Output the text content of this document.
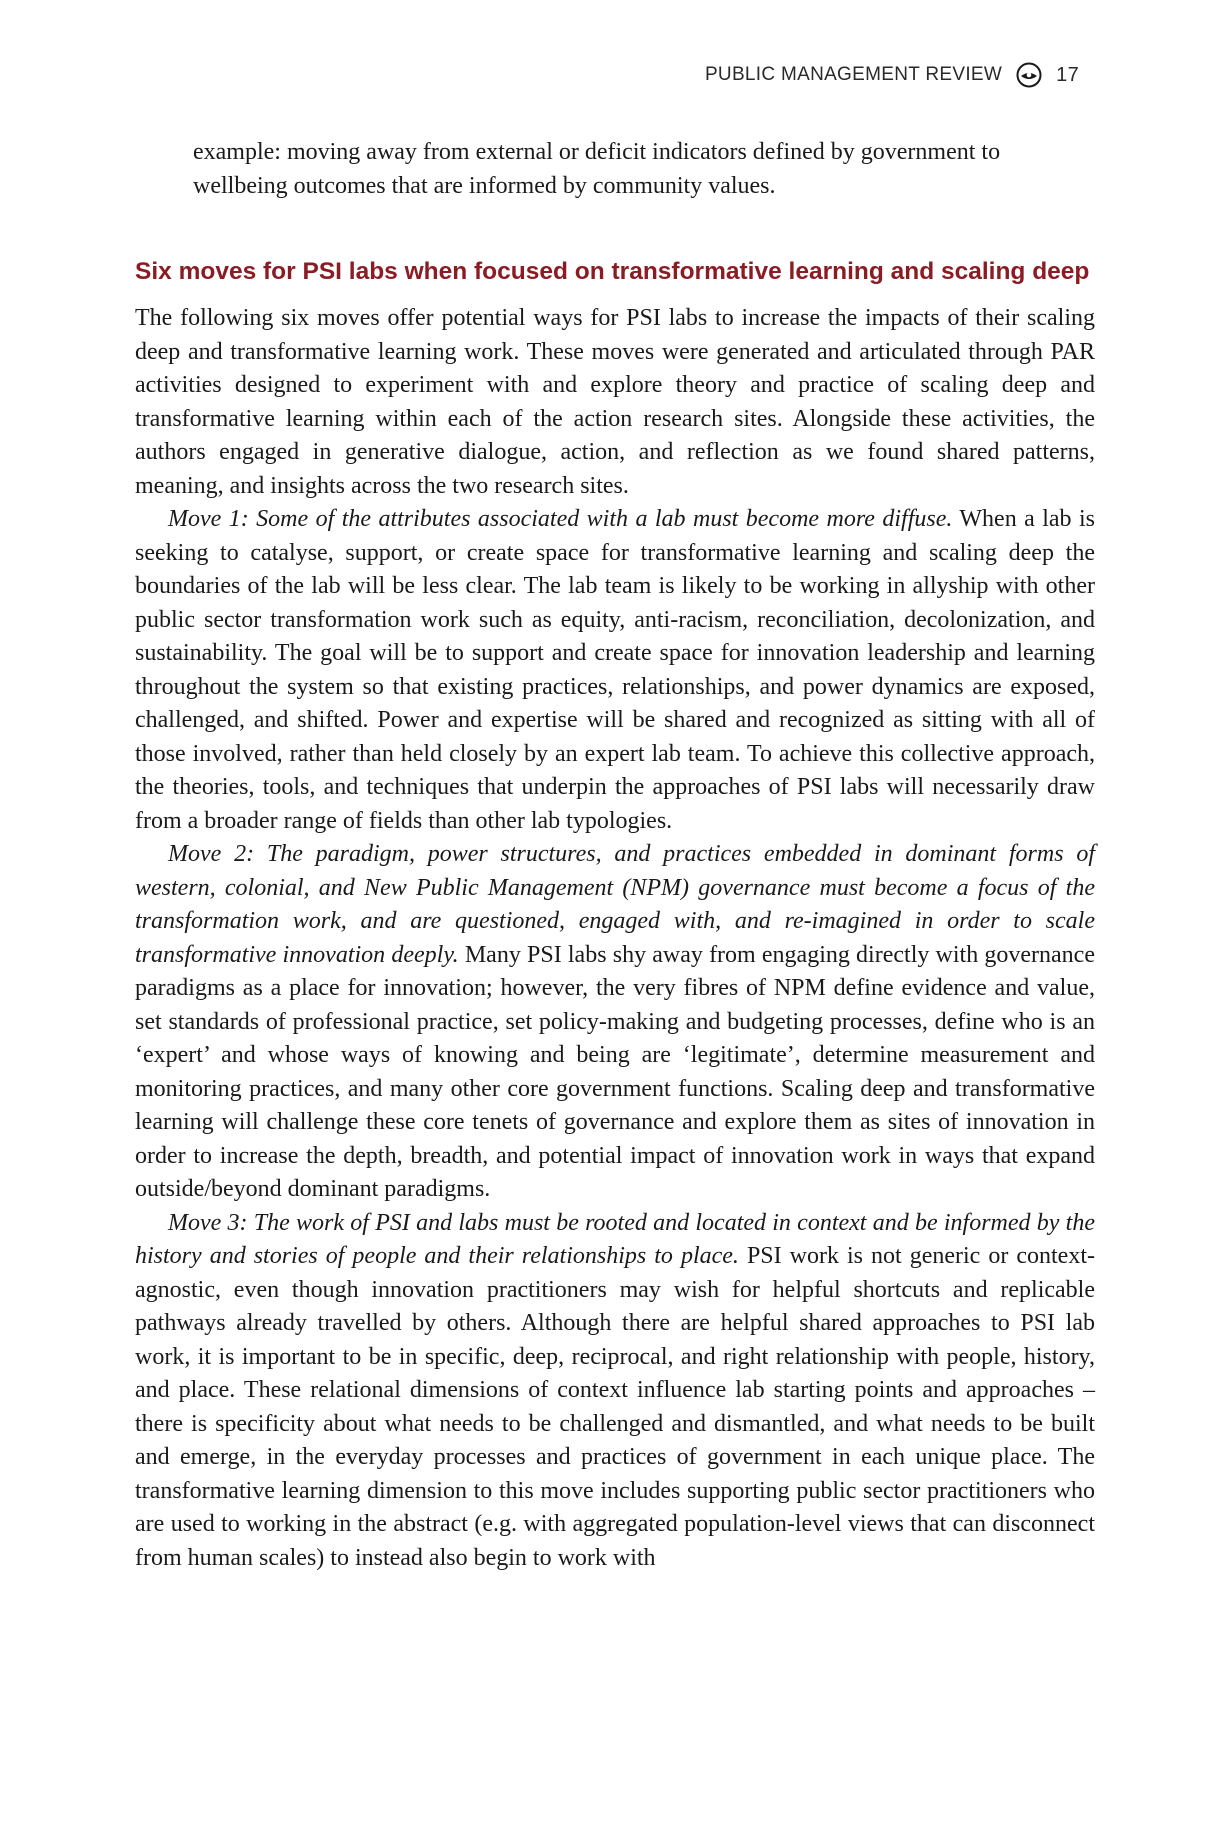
PUBLIC MANAGEMENT REVIEW	17

example: moving away from external or deficit indicators defined by government to wellbeing outcomes that are informed by community values.

Six moves for PSI labs when focused on transformative learning and scaling deep

The following six moves offer potential ways for PSI labs to increase the impacts of their scaling deep and transformative learning work. These moves were generated and articulated through PAR activities designed to experiment with and explore theory and practice of scaling deep and transformative learning within each of the action research sites. Alongside these activities, the authors engaged in generative dialogue, action, and reflection as we found shared patterns, meaning, and insights across the two research sites.

Move 1: Some of the attributes associated with a lab must become more diffuse. When a lab is seeking to catalyse, support, or create space for transformative learning and scaling deep the boundaries of the lab will be less clear. The lab team is likely to be working in allyship with other public sector transformation work such as equity, anti-racism, reconciliation, decolonization, and sustainability. The goal will be to support and create space for innovation leadership and learning throughout the system so that existing practices, relationships, and power dynamics are exposed, challenged, and shifted. Power and expertise will be shared and recognized as sitting with all of those involved, rather than held closely by an expert lab team. To achieve this collective approach, the theories, tools, and techniques that underpin the approaches of PSI labs will necessarily draw from a broader range of fields than other lab typologies.

Move 2: The paradigm, power structures, and practices embedded in dominant forms of western, colonial, and New Public Management (NPM) governance must become a focus of the transformation work, and are questioned, engaged with, and re-imagined in order to scale transformative innovation deeply. Many PSI labs shy away from engaging directly with governance paradigms as a place for innovation; however, the very fibres of NPM define evidence and value, set standards of professional practice, set policy-making and budgeting processes, define who is an ‘expert’ and whose ways of knowing and being are ‘legitimate’, determine measurement and monitoring practices, and many other core government functions. Scaling deep and transformative learning will challenge these core tenets of governance and explore them as sites of innovation in order to increase the depth, breadth, and potential impact of innovation work in ways that expand outside/beyond dominant paradigms.

Move 3: The work of PSI and labs must be rooted and located in context and be informed by the history and stories of people and their relationships to place. PSI work is not generic or context-agnostic, even though innovation practitioners may wish for helpful shortcuts and replicable pathways already travelled by others. Although there are helpful shared approaches to PSI lab work, it is important to be in specific, deep, reciprocal, and right relationship with people, history, and place. These relational dimensions of context influence lab starting points and approaches – there is specificity about what needs to be challenged and dismantled, and what needs to be built and emerge, in the everyday processes and practices of government in each unique place. The transformative learning dimension to this move includes supporting public sector practitioners who are used to working in the abstract (e.g. with aggregated population-level views that can disconnect from human scales) to instead also begin to work with
